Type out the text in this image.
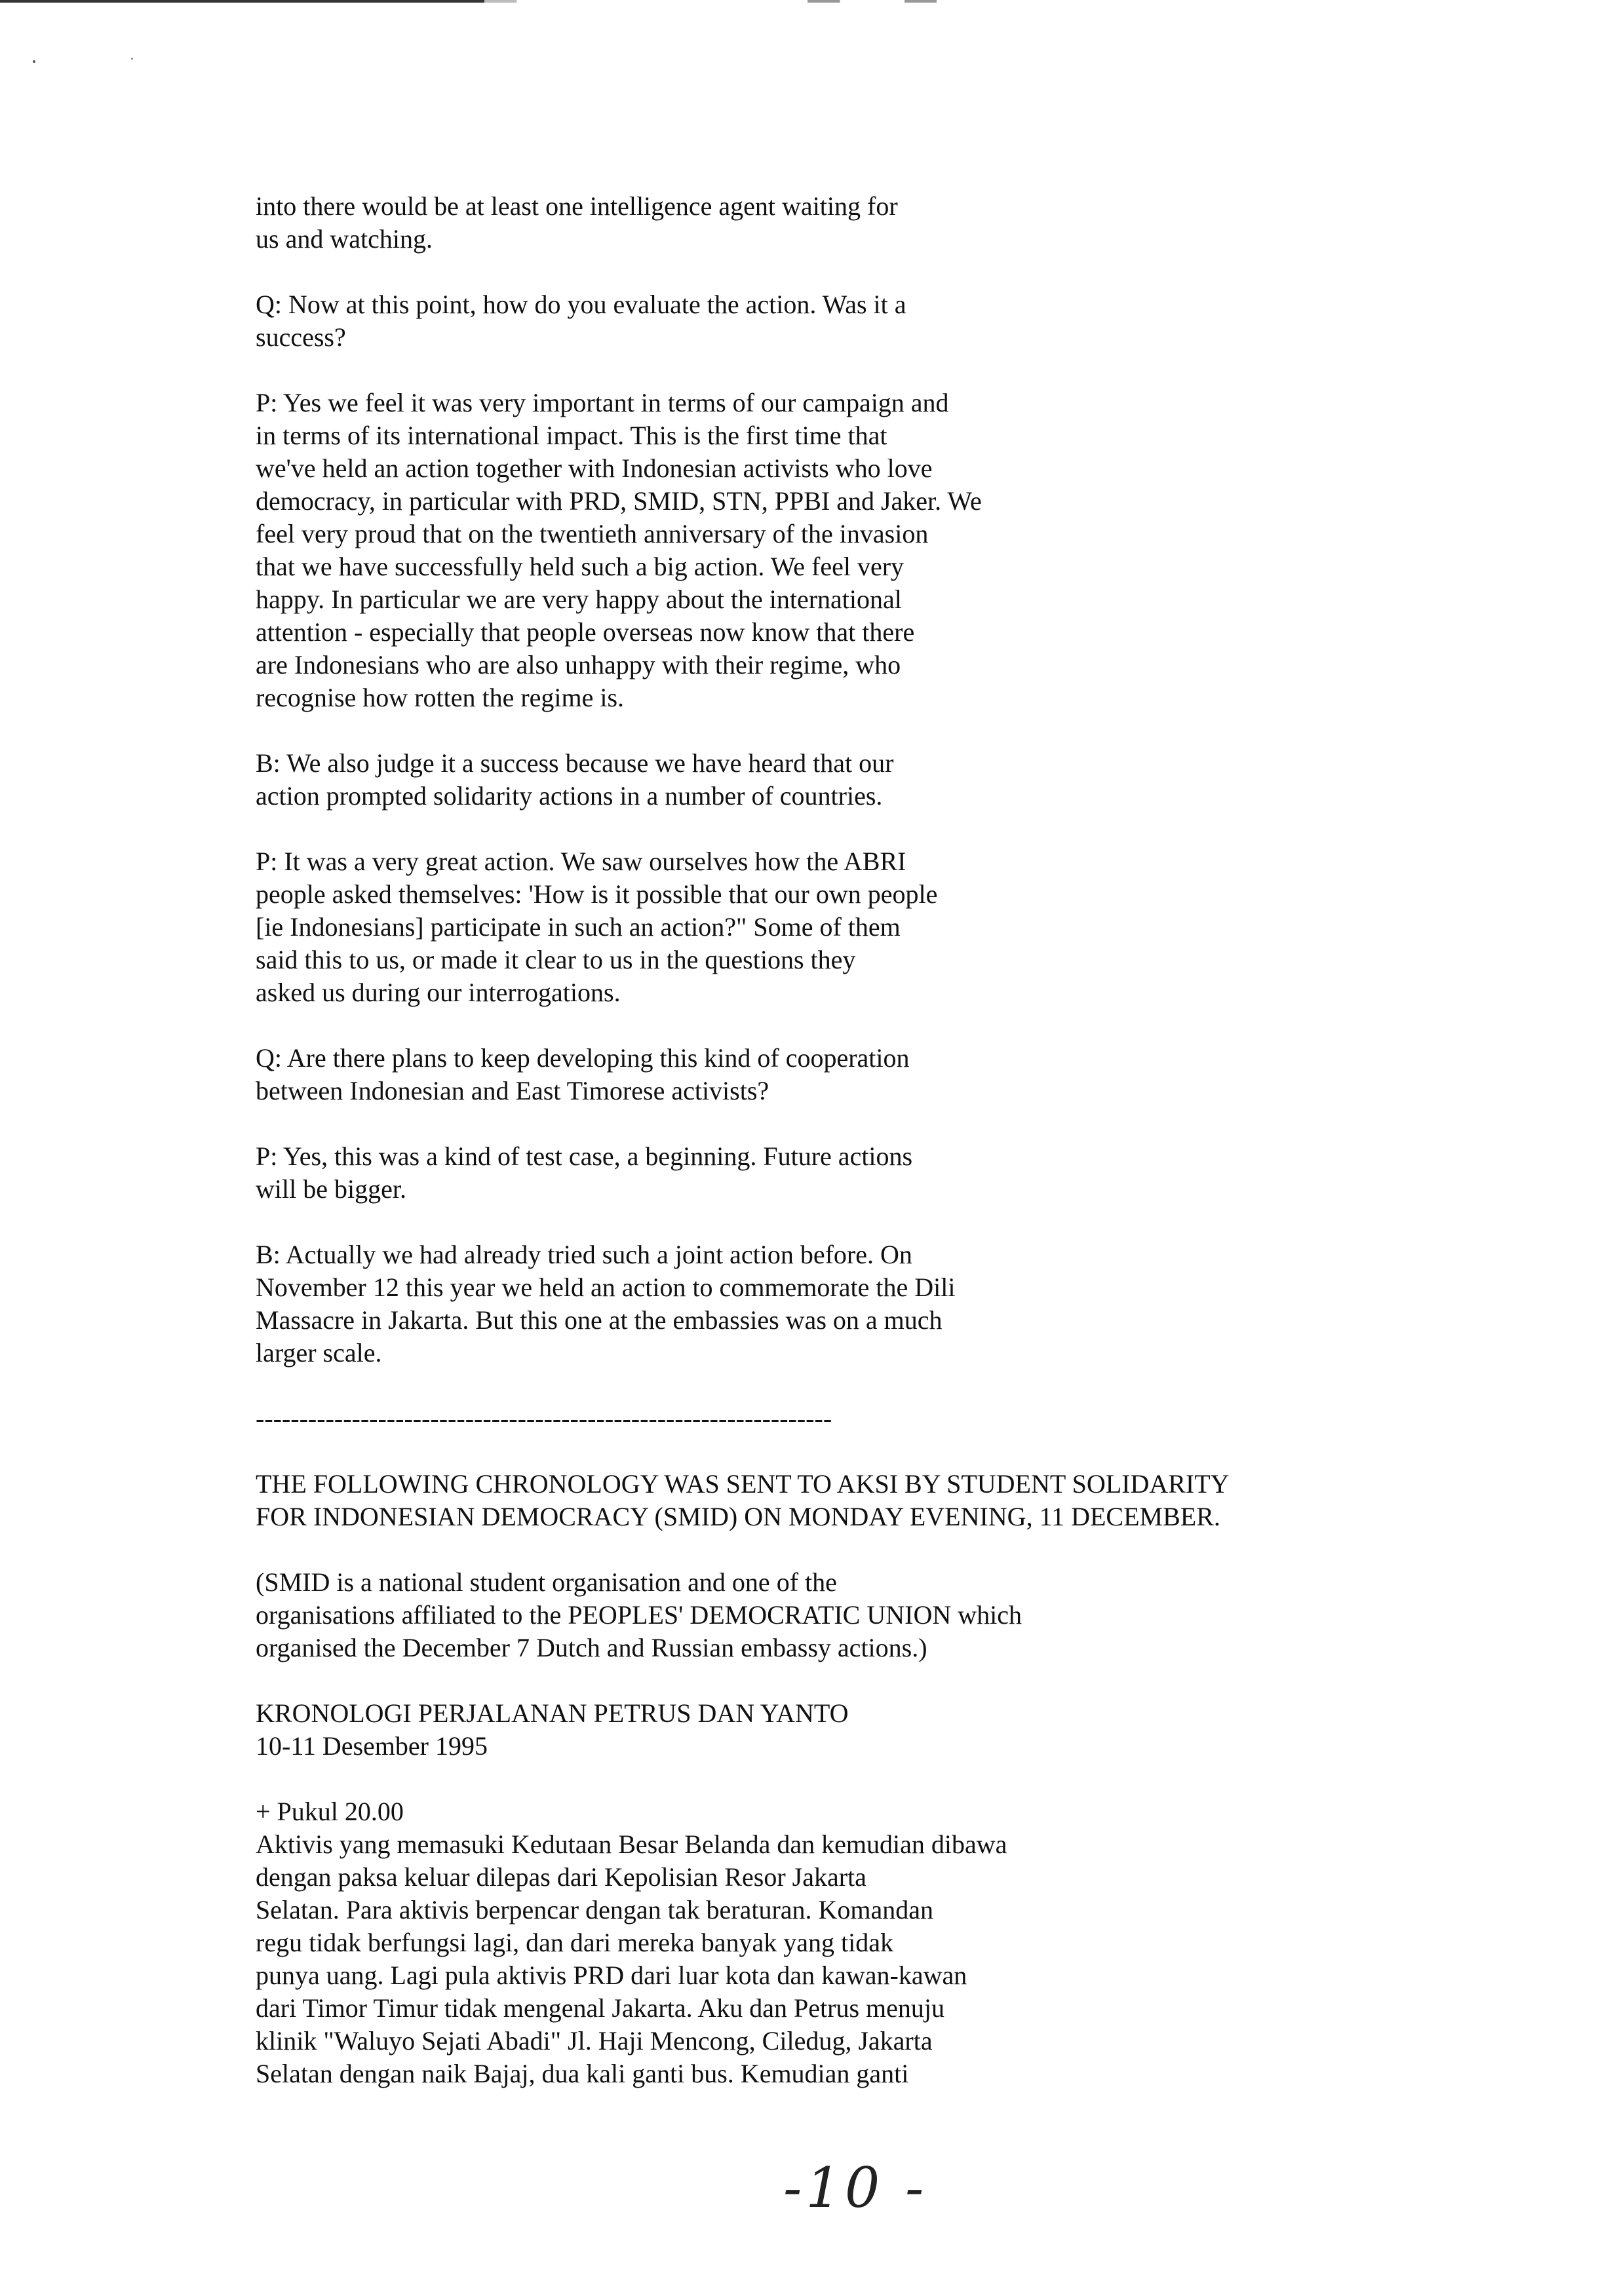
into there would be at least one intelligence agent waiting for
us and watching.
Q: Now at this point, how do you evaluate the action. Was it a
success?
P: Yes we feel it was very important in terms of our campaign and
in terms of its international impact. This is the first time that
we've held an action together with Indonesian activists who love
democracy, in particular with PRD, SMID, STN, PPBI and Jaker. We
feel very proud that on the twentieth anniversary of the invasion
that we have successfully held such a big action. We feel very
happy. In particular we are very happy about the international
attention - especially that people overseas now know that there
are Indonesians who are also unhappy with their regime, who
recognise how rotten the regime is.
B: We also judge it a success because we have heard that our
action prompted solidarity actions in a number of countries.
P: It was a very great action. We saw ourselves how the ABRI
people asked themselves: 'How is it possible that our own people
[ie Indonesians] participate in such an action?" Some of them
said this to us, or made it clear to us in the questions they
asked us during our interrogations.
Q: Are there plans to keep developing this kind of cooperation
between Indonesian and East Timorese activists?
P: Yes, this was a kind of test case, a beginning. Future actions
will be bigger.
B: Actually we had already tried such a joint action before. On
November 12 this year we held an action to commemorate the Dili
Massacre in Jakarta. But this one at the embassies was on a much
larger scale.
------------------------------------------------------------------
THE FOLLOWING CHRONOLOGY WAS SENT TO AKSI BY STUDENT SOLIDARITY
FOR INDONESIAN DEMOCRACY (SMID) ON MONDAY EVENING, 11 DECEMBER.
(SMID is a national student organisation and one of the
organisations affiliated to the PEOPLES' DEMOCRATIC UNION which
organised the December 7 Dutch and Russian embassy actions.)
KRONOLOGI PERJALANAN PETRUS DAN YANTO
10-11 Desember 1995
+ Pukul 20.00
Aktivis yang memasuki Kedutaan Besar Belanda dan kemudian dibawa
dengan paksa keluar dilepas dari Kepolisian Resor Jakarta
Selatan. Para aktivis berpencar dengan tak beraturan. Komandan
regu tidak berfungsi lagi, dan dari mereka banyak yang tidak
punya uang. Lagi pula aktivis PRD dari luar kota dan kawan-kawan
dari Timor Timur tidak mengenal Jakarta. Aku dan Petrus menuju
klinik "Waluyo Sejati Abadi" Jl. Haji Mencong, Ciledug, Jakarta
Selatan dengan naik Bajaj, dua kali ganti bus. Kemudian ganti
-10 -
